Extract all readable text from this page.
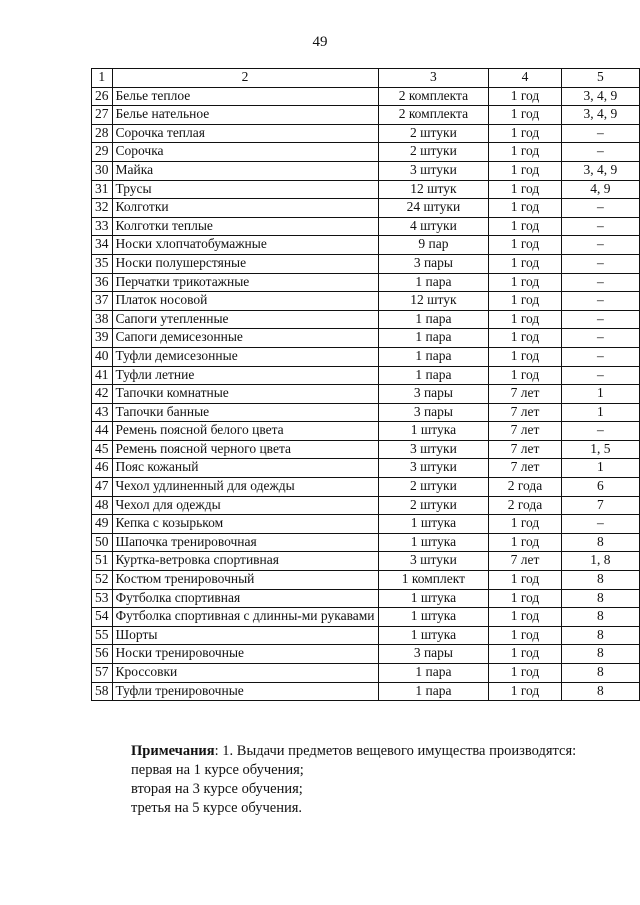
49
1	2	3	4	5
26	Белье теплое	2 комплекта	1 год	3, 4, 9
27	Белье нательное	2 комплекта	1 год	3, 4, 9
28	Сорочка теплая	2 штуки	1 год	–
29	Сорочка	2 штуки	1 год	–
30	Майка	3 штуки	1 год	3, 4, 9
31	Трусы	12 штук	1 год	4, 9
32	Колготки	24 штуки	1 год	–
33	Колготки теплые	4 штуки	1 год	–
34	Носки хлопчатобумажные	9 пар	1 год	–
35	Носки полушерстяные	3 пары	1 год	–
36	Перчатки трикотажные	1 пара	1 год	–
37	Платок носовой	12 штук	1 год	–
38	Сапоги утепленные	1 пара	1 год	–
39	Сапоги демисезонные	1 пара	1 год	–
40	Туфли демисезонные	1 пара	1 год	–
41	Туфли летние	1 пара	1 год	–
42	Тапочки комнатные	3 пары	7 лет	1
43	Тапочки банные	3 пары	7 лет	1
44	Ремень поясной белого цвета	1 штука	7 лет	–
45	Ремень поясной черного цвета	3 штуки	7 лет	1, 5
46	Пояс кожаный	3 штуки	7 лет	1
47	Чехол удлиненный для одежды	2 штуки	2 года	6
48	Чехол для одежды	2 штуки	2 года	7
49	Кепка с козырьком	1 штука	1 год	–
50	Шапочка тренировочная	1 штука	1 год	8
51	Куртка-ветровка спортивная	3 штуки	7 лет	1, 8
52	Костюм тренировочный	1 комплект	1 год	8
53	Футболка спортивная	1 штука	1 год	8
54	Футболка спортивная с длинны-ми рукавами	1 штука	1 год	8
55	Шорты	1 штука	1 год	8
56	Носки тренировочные	3 пары	1 год	8
57	Кроссовки	1 пара	1 год	8
58	Туфли тренировочные	1 пара	1 год	8
Примечания: 1. Выдачи предметов вещевого имущества производятся:
первая на 1 курсе обучения;
вторая на 3 курсе обучения;
третья на 5 курсе обучения.
